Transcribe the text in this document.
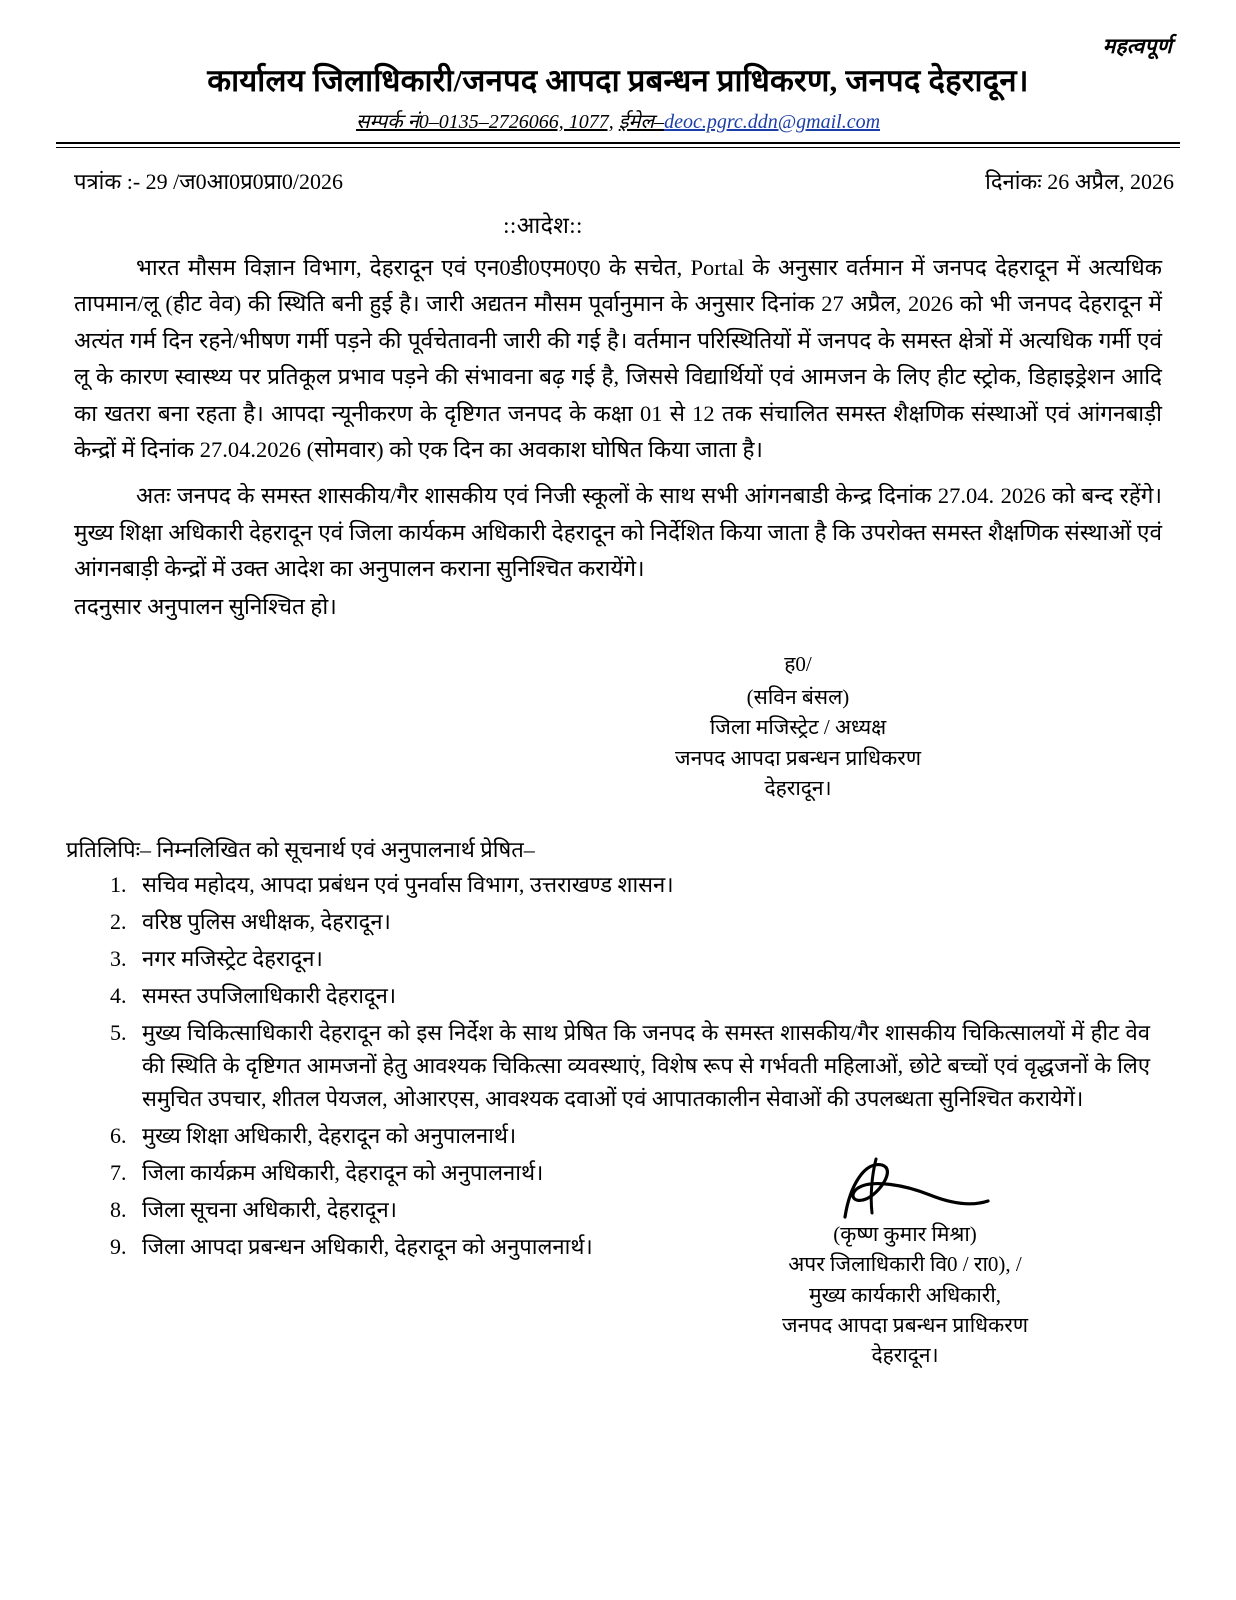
महत्वपूर्ण
कार्यालय जिलाधिकारी/जनपद आपदा प्रबन्धन प्राधिकरण, जनपद देहरादून।
सम्पर्क नं0–0135–2726066, 1077, ईमेल–deoc.pgrc.ddn@gmail.com
पत्रांक :- 29 /ज0आ0प्र0प्रा0/2026	दिनांकः 26 अप्रैल, 2026
::आदेश::
भारत मौसम विज्ञान विभाग, देहरादून एवं एन0डी0एम0ए0 के सचेत, Portal के अनुसार वर्तमान में जनपद देहरादून में अत्यधिक तापमान/लू (हीट वेव) की स्थिति बनी हुई है। जारी अद्यतन मौसम पूर्वानुमान के अनुसार दिनांक 27 अप्रैल, 2026 को भी जनपद देहरादून में अत्यंत गर्म दिन रहने/भीषण गर्मी पड़ने की पूर्वचेतावनी जारी की गई है। वर्तमान परिस्थितियों में जनपद के समस्त क्षेत्रों में अत्यधिक गर्मी एवं लू के कारण स्वास्थ्य पर प्रतिकूल प्रभाव पड़ने की संभावना बढ़ गई है, जिससे विद्यार्थियों एवं आमजन के लिए हीट स्ट्रोक, डिहाइड्रेशन आदि का खतरा बना रहता है। आपदा न्यूनीकरण के दृष्टिगत जनपद के कक्षा 01 से 12 तक संचालित समस्त शैक्षणिक संस्थाओं एवं आंगनबाड़ी केन्द्रों में दिनांक 27.04.2026 (सोमवार) को एक दिन का अवकाश घोषित किया जाता है।
अतः जनपद के समस्त शासकीय/गैर शासकीय एवं निजी स्कूलों के साथ सभी आंगनबाडी केन्द्र दिनांक 27.04. 2026 को बन्द रहेंगे। मुख्य शिक्षा अधिकारी देहरादून एवं जिला कार्यकम अधिकारी देहरादून को निर्देशित किया जाता है कि उपरोक्त समस्त शैक्षणिक संस्थाओं एवं आंगनबाड़ी केन्द्रों में उक्त आदेश का अनुपालन कराना सुनिश्चित करायेंगे।
तदनुसार अनुपालन सुनिश्चित हो।
ह0/
(सविन बंसल)
जिला मजिस्ट्रेट / अध्यक्ष
जनपद आपदा प्रबन्धन प्राधिकरण
देहरादून।
प्रतिलिपिः– निम्नलिखित को सूचनार्थ एवं अनुपालनार्थ प्रेषित–
1. सचिव महोदय, आपदा प्रबंधन एवं पुनर्वास विभाग, उत्तराखण्ड शासन।
2. वरिष्ठ पुलिस अधीक्षक, देहरादून।
3. नगर मजिस्ट्रेट देहरादून।
4. समस्त उपजिलाधिकारी देहरादून।
5. मुख्य चिकित्साधिकारी देहरादून को इस निर्देश के साथ प्रेषित कि जनपद के समस्त शासकीय/गैर शासकीय चिकित्सालयों में हीट वेव की स्थिति के दृष्टिगत आमजनों हेतु आवश्यक चिकित्सा व्यवस्थाएं, विशेष रूप से गर्भवती महिलाओं, छोटे बच्चों एवं वृद्धजनों के लिए समुचित उपचार, शीतल पेयजल, ओआरएस, आवश्यक दवाओं एवं आपातकालीन सेवाओं की उपलब्धता सुनिश्चित करायेगें।
6. मुख्य शिक्षा अधिकारी, देहरादून को अनुपालनार्थ।
7. जिला कार्यक्रम अधिकारी, देहरादून को अनुपालनार्थ।
8. जिला सूचना अधिकारी, देहरादून।
9. जिला आपदा प्रबन्धन अधिकारी, देहरादून को अनुपालनार्थ।	(कृष्ण कुमार मिश्रा)
अपर जिलाधिकारी वि0 / रा0), /
मुख्य कार्यकारी अधिकारी,
जनपद आपदा प्रबन्धन प्राधिकरण
देहरादून।
